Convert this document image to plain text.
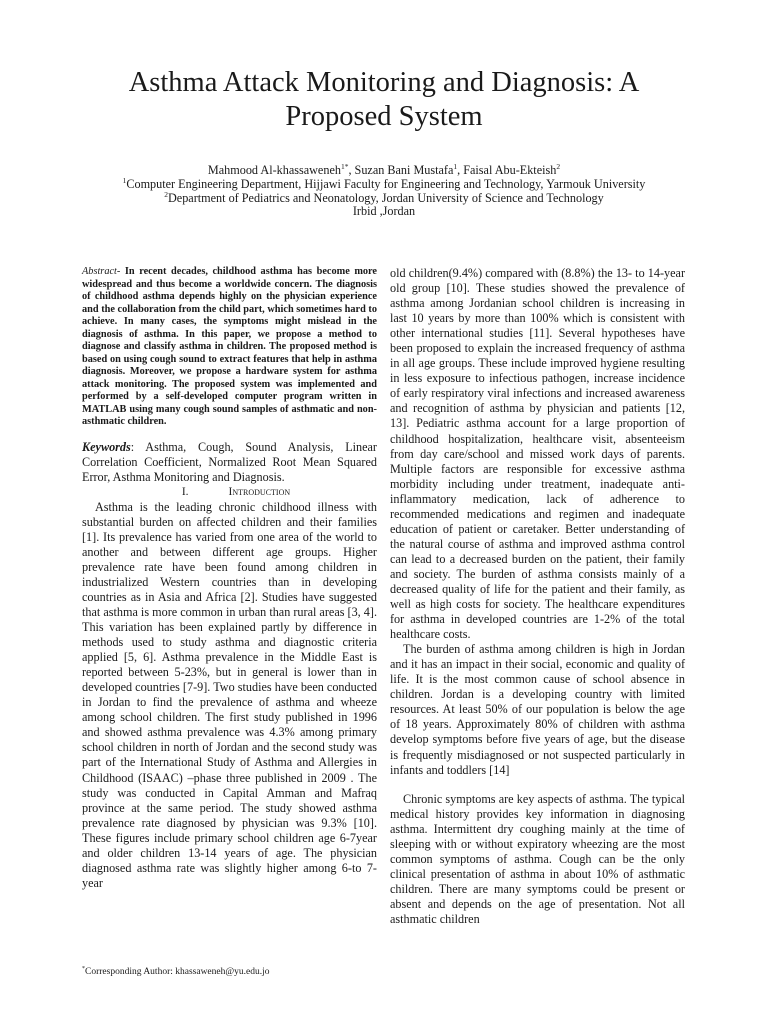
Asthma Attack Monitoring and Diagnosis: A
Proposed System
Mahmood Al-khassaweneh$^{1*}$, Suzan Bani Mustafa$^1$, Faisal Abu-Ekteish$^2$
$^1$Computer Engineering Department, Hijjawi Faculty for Engineering and Technology, Yarmouk University
$^2$Department of Pediatrics and Neonatology, Jordan University of Science and Technology
Irbid ,Jordan

Abstract- In recent decades, childhood asthma has become more widespread and thus become a worldwide concern. The diagnosis of childhood asthma depends highly on the physician experience and the collaboration from the child part, which sometimes hard to achieve. In many cases, the symptoms might mislead in the diagnosis of asthma. In this paper, we propose a method to diagnose and classify asthma in children. The proposed method is based on using cough sound to extract features that help in asthma diagnosis. Moreover, we propose a hardware system for asthma attack monitoring. The proposed system was implemented and performed by a self-developed computer program written in MATLAB using many cough sound samples of asthmatic and non-asthmatic children.

Keywords: Asthma, Cough, Sound Analysis, Linear Correlation Coefficient, Normalized Root Mean Squared Error, Asthma Monitoring and Diagnosis.

I.	Introduction

Asthma is the leading chronic childhood illness with substantial burden on affected children and their families [1]. Its prevalence has varied from one area of the world to another and between different age groups. Higher prevalence rate have been found among children in industrialized Western countries than in developing countries as in Asia and Africa [2]. Studies have suggested that asthma is more common in urban than rural areas [3, 4]. This variation has been explained partly by difference in methods used to study asthma and diagnostic criteria applied [5, 6]. Asthma prevalence in the Middle East is reported between 5-23%, but in general is lower than in developed countries [7-9]. Two studies have been conducted in Jordan to find the prevalence of asthma and wheeze among school children. The first study published in 1996 and showed asthma prevalence was 4.3% among primary school children in north of Jordan and the second study was part of the International Study of Asthma and Allergies in Childhood (ISAAC) –phase three published in 2009 . The study was conducted in Capital Amman and Mafraq province at the same period. The study showed asthma prevalence rate diagnosed by physician was 9.3% [10]. These figures include primary school children age 6-7year and older children 13-14 years of age. The physician diagnosed asthma rate was slightly higher among 6-to 7-year

old children(9.4%) compared with (8.8%) the 13- to 14-year old group [10]. These studies showed the prevalence of asthma among Jordanian school children is increasing in last 10 years by more than 100% which is consistent with other international studies [11]. Several hypotheses have been proposed to explain the increased frequency of asthma in all age groups. These include improved hygiene resulting in less exposure to infectious pathogen, increase incidence of early respiratory viral infections and increased awareness and recognition of asthma by physician and patients [12, 13]. Pediatric asthma account for a large proportion of childhood hospitalization, healthcare visit, absenteeism from day care/school and missed work days of parents. Multiple factors are responsible for excessive asthma morbidity including under treatment, inadequate anti-inflammatory medication, lack of adherence to recommended medications and regimen and inadequate education of patient or caretaker. Better understanding of the natural course of asthma and improved asthma control can lead to a decreased burden on the patient, their family and society. The burden of asthma consists mainly of a decreased quality of life for the patient and their family, as well as high costs for society. The healthcare expenditures for asthma in developed countries are 1-2% of the total healthcare costs.

The burden of asthma among children is high in Jordan and it has an impact in their social, economic and quality of life. It is the most common cause of school absence in children. Jordan is a developing country with limited resources. At least 50% of our population is below the age of 18 years. Approximately 80% of children with asthma develop symptoms before five years of age, but the disease is frequently misdiagnosed or not suspected particularly in infants and toddlers [14]

Chronic symptoms are key aspects of asthma. The typical medical history provides key information in diagnosing asthma. Intermittent dry coughing mainly at the time of sleeping with or without expiratory wheezing are the most common symptoms of asthma. Cough can be the only clinical presentation of asthma in about 10% of asthmatic children. There are many symptoms could be present or absent and depends on the age of presentation. Not all asthmatic children

*Corresponding Author: khassaweneh@yu.edu.jo
